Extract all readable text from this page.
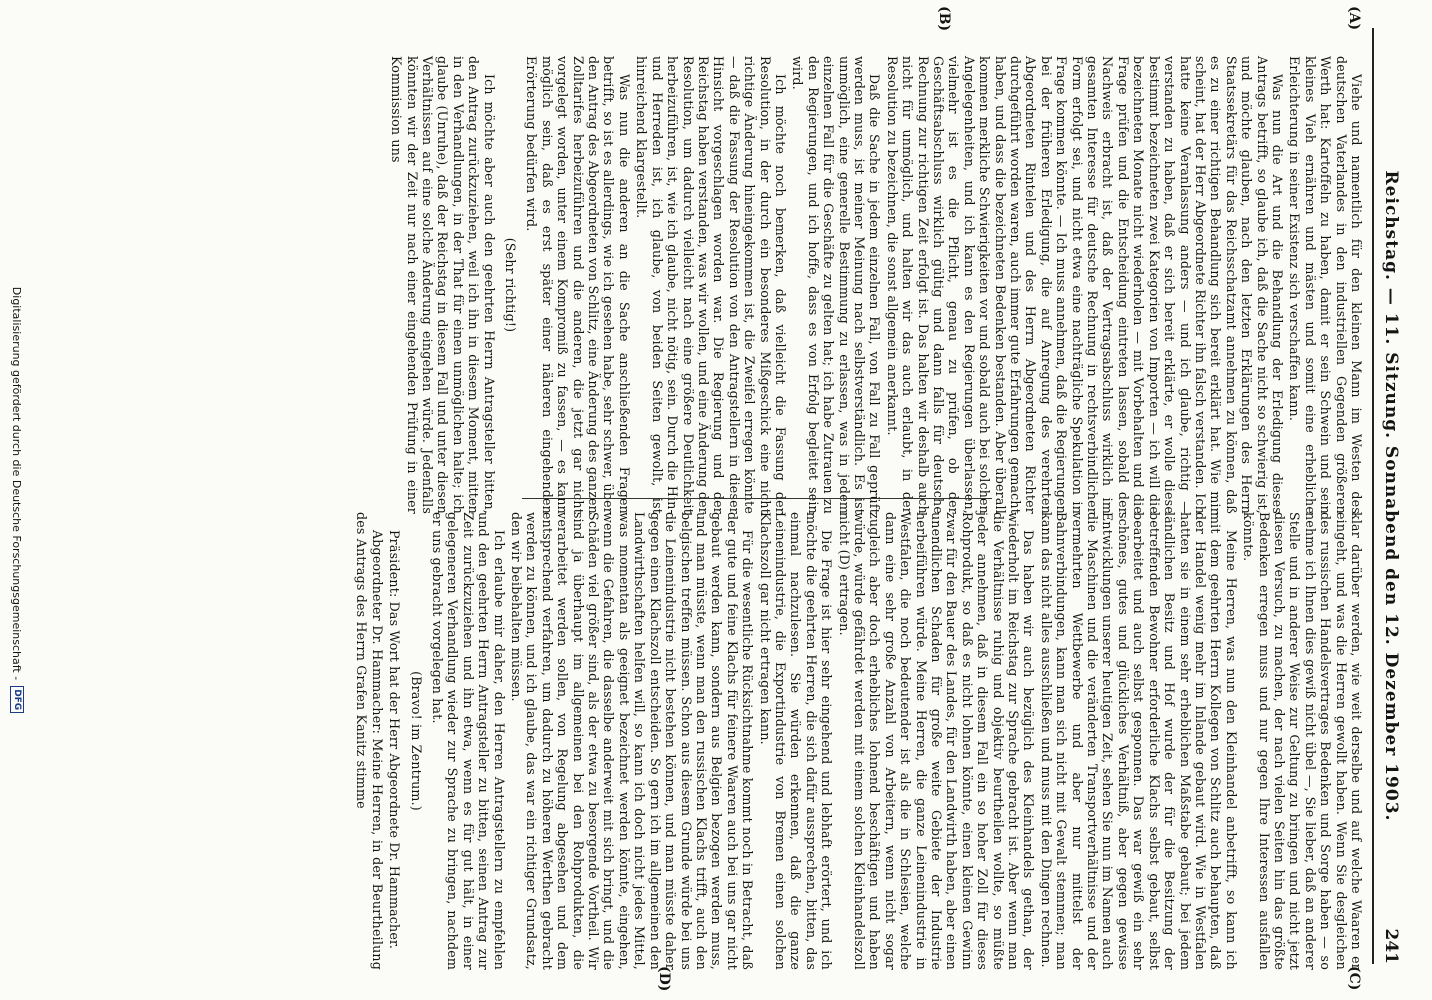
Reichstag. — 11. Sitzung. Sonnabend den 12. Dezember 1903.
241
(A)
(B)
(C)

Viehe und namentlich für den kleinen Mann im Westen des deutschen Vaterlandes in den industriellen Gegenden größeren Werth hat: Kartoffeln zu haben, damit er sein Schwein und sein kleines Vieh ernähren und mästen und somit eine erhebliche Erleichterung in seiner Existenz sich verschaffen kann.

Was nun die Art und die Behandlung der Erledigung dieses Antrags betrifft, so glaube ich, daß die Sache nicht so schwierig ist, und möchte glauben, nach den letzten Erklärungen des Herrn Staatssekretärs für das Reichsschatzamt annehmen zu können, daß es zu einer richtigen Behandlung sich bereit erklärt hat. Wie mir scheint, hat der Herr Abgeordnete Richter ihn falsch verstanden. Ich hatte keine Veranlassung anders — und ich glaube, richtig — verstanden zu haben, daß er sich bereit erklärte, er wolle diese bestimmt bezeichneten zwei Kategorien von Importen — ich will die bezeichneten Monate nicht wiederholen — mit Vorbehalten und die Frage prüfen und die Entscheidung eintreten lassen, sobald der Nachweis erbracht ist, daß der Vertragsabschluss wirklich im gesamten Interesse für deutsche Rechnung in rechtsverbindlicher Form erfolgt sei, und nicht etwa eine nachträgliche Spekulation in Frage kommen könnte. — Ich muss annehmen, daß die Regierungen bei der früheren Erledigung, die auf Anregung des verehrten Abgeordneten Rintelen und des Herrn Abgeordneten Richter durchgeführt worden waren, auch immer gute Erfahrungen gemacht haben, und dass die bezeichneten Bedenken bestanden. Aber überall kommen merkliche Schwierigkeiten vor und sobald auch bei solchen Angelegenheiten, und ich kann es den Regierungen überlassen, vielmehr ist es die Pflicht, genau zu prüfen, ob der Geschäftsabschluss wirklich gültig und dann falls für deutsche Rechnung zur richtigen Zeit erfolgt ist. Das halten wir deshalb auch nicht für unmöglich, und halten wir das auch erlaubt, in der Resolution zu bezeichnen, die sonst allgemein anerkannt.

Daß die Sache in jedem einzelnen Fall, von Fall zu Fall geprüft werden muss, ist meiner Meinung nach selbstverständlich. Es ist unmöglich, eine generelle Bestimmung zu erlassen, was in jedem einzelnen Fall für die Geschäfte zu gelten hat; ich habe Zutrauen zu den Regierungen, und ich hoffe, dass es von Erfolg begleitet sein wird.

Ich möchte noch bemerken, daß vielleicht die Fassung der Resolution, in der durch ein besonderes Mißgeschick eine nicht richtige Änderung hineingekommen ist, die Zweifel erregen könnte — daß die Fassung der Resolution von den Antragstellern in dieser Hinsicht vorgeschlagen worden war. Die Regierung und der Reichstag haben verstanden, was wir wollen, und eine Änderung der Resolution, um dadurch vielleicht nach eine größere Deutlichkeit herbeizuführen, ist, wie ich glaube, nicht nötig, sein. Durch die Hin- und Herreden ist, ich glaube, von beiden Seiten gewollt, ist hinreichend klargestellt.

Was nun die anderen an die Sache anschließenden Fragen betrifft, so ist es allerdings, wie ich gesehen habe, sehr schwer, über den Antrag des Abgeordneten von Schlitz, eine Änderung des ganzen Zolltarifes herbeizuführen und die anderen, die jetzt gar nicht vorgelegt worden, unter einem Kompromiß zu fassen, — es kann möglich sein, daß es erst später einer näheren eingehenden Erörterung bedürfen wird.

(Sehr richtig!)

Ich möchte aber auch den geehrten Herrn Antragsteller bitten, den Antrag zurückzuziehen, weil ich ihn in diesem Moment, mitten in den Verhandlungen, in der That für einen unmöglichen halte; ich glaube (Unruhe), daß der Reichstag in diesem Fall und unter diesen Verhältnissen auf eine solche Änderung eingehen würde. Jedenfalls könnten wir der Zeit nur nach einer eingehenden Prüfung in einer Kommission uns

klar darüber werden, wie weit derselbe und auf welche Waaren er eingeht, und was die Herren gewollt haben. Wenn Sie desgleichen des russischen Handelsvertrages Bedenken und Sorge haben — so nehme ich Ihnen dies gewiß nicht übel —, Sie lieber, daß an anderer Stelle und in anderer Weise zur Geltung zu bringen und nicht jetzt diesen Versuch, zu machen, der nach vielen Seiten hin das größte Bedenken erregen muss und nur gegen Ihre Interessen ausfallen könnte.

Meine Herren, was nun den Kleinhandel anbetrifft, so kann ich mit dem geehrten Herrn Kollegen von Schlitz auch behaupten, daß der Handel wenig mehr im Inlande gebaut wird. Wie in Westfalen hatten sie in einem sehr erheblichen Maßstabe gebaut; bei jedem ländlichen Besitz und Hof wurde der für die Besitzung der betreffenden Bewohner erforderliche Klachs selbst gebaut, selbst bearbeitet und auch selbst gesponnen. Das war gewiß ein sehr schönes, gutes und glückliches Verhältniß, aber gegen gewisse Entwicklungen unserer heutigen Zeit, sehen Sie nun im Namen auch die Maschinen und die veränderten Transportverhältnisse und der vermehrten Wettbewerbe und aber nur mittelst der Bahnverbindungen, kann man sich nicht mit Gewalt stemmen; man kann das nicht alles ausschließen und muss mit den Dingen rechnen.

Das haben wir auch bezüglich des Kleinhandels gethan, der wiederholt im Reichstag zur Sprache gebracht ist. Aber wenn man die Verhältnisse ruhig und objektiv beurtheilen wollte, so müßte jeder annehmen, daß in diesem Fall ein so hoher Zoll für dieses Rohprodukt, so daß es nicht lohnen könnte, einen kleinen Gewinn zwar für den Bauer des Landes, für den Landwirth haben, aber einen unendlichen Schaden für große weite Gebiete der Industrie herbeiführen würde. Meine Herren, die ganze Leinenindustrie in Westfalen, die noch bedeutender ist als die in Schlesien, welche dann eine sehr große Anzahl von Arbeitern, wenn nicht sogar zugleich aber doch erhebliches lohnend beschäftigen und haben würde, würde gefährdet werden mit einem solchen Kleinhandelszoll nicht (D) ertragen.

Die Frage ist hier sehr eingehend und lebhaft erörtert, und ich möchte die geehrten Herren, die sich dafür aussprechen, bitten, das einmal nachzulesen. Sie würden erkennen, daß die ganze Leinenindustrie, die Exportindustrie von Bremen einen solchen Klachszoll gar nicht ertragen kann.

Für die wesentliche Rücksichtnahme kommt noch in Betracht, daß der gute und feine Klachs für feinere Waaren auch bei uns gar nicht gebaut werden kann, sondern aus Belgien bezogen werden muss, und man müsste, wenn man den russischen Klachs trifft, auch den belgischen treffen müssen. Schon aus diesem Grunde würde bei uns die Leinenindustrie nicht bestehen können, und man müsste daher gegen einen Klachszoll entscheiden. So gern ich im allgemeinen den Landwirthschaften helfen will, so kann ich doch nicht jedes Mittel, was momentan als geeignet bezeichnet werden könnte, eingehen, wenn die Gefahren, die dasselbe anderweit mit sich bringt, und die Schäden viel größer sind, als der etwa zu besorgende Vortheil. Wir sind ja überhaupt im allgemeinen bei den Rohprodukten, die verarbeitet werden sollen, von Regelung abgesehen und dem entsprechend verfahren, um dadurch zu höheren Werthen gebracht werden zu können, und ich glaube, das war ein richtiger Grundsatz, den wir beibehalten müssen.

Ich erlaube mir daher, den Herren Antragstellern zu empfehlen und den geehrten Herrn Antragsteller zu bitten, seinen Antrag zur Zeit zurückzuziehen und ihn etwa, wenn es für gut hält, in einer gelegeneren Verhandlung wieder zur Sprache zu bringen, nachdem er uns gebracht vorgelegen hat.

(Bravo! im Zentrum.)

Präsident: Das Wort hat der Herr Abgeordnete Dr. Hammacher.

Abgeordneter Dr. Hammacher: Meine Herren, in der Beurtheilung des Antrags des Herrn Grafen Kanitz stimme

(D)
Digitalisierung gefördert durch die Deutsche Forschungsgemeinschaft -
DFG
